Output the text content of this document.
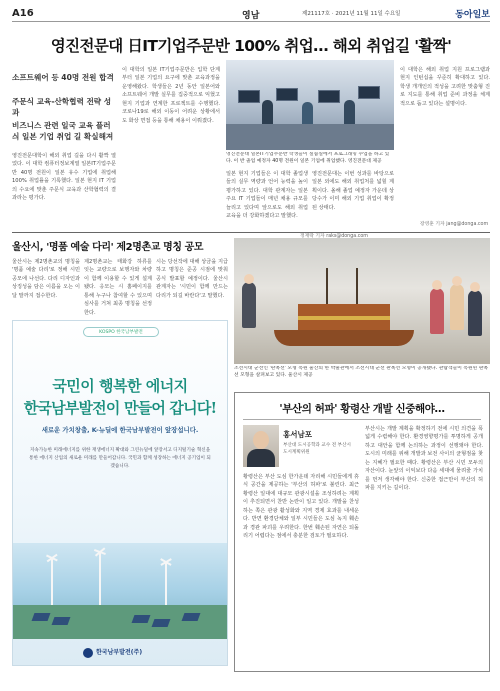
A16	영남	제21117호 · 2021년 11월 11일 수요일	동아일보
영진전문대 日IT기업주문반 100% 취업… 해외 취업길 '활짝'
소프트웨어 등 40명 전원 합격
주문식 교육-산학협력 전략 성과
비즈니스 관련 일국 교육 플러싀 일본 기업 취업 길 확실해져
영진전문대학이 해외 취업 길을 다시 활짝 열었다. 이 대학 컴퓨터정보계열 일본IT기업주문반 40명 전원이 일본 유수 기업에 취업해 100% 취업률을 기록했다. 일본 현지 IT 기업의 수요에 맞춘 주문식 교육과 산학협력의 결과라는 평가다.
이 대학의 일본 IT기업주문반은 입학 단계부터 일본 기업의 요구에 맞춘 교육과정을 운영해왔다. 학생들은 2년 동안 일본어와 소프트웨어 개발 실무를 집중적으로 익혔고 현지 기업과 연계한 프로젝트를 수행했다. 코로나19로 해외 이동이 어려운 상황에서도 화상 면접 등을 통해 채용이 이뤄졌다.
영진전문대 일본IT기업주문반 학생들이 실습실에서 프로그래밍 수업을 하고 있다. 이 반 졸업 예정자 40명 전원이 일본 기업에 취업했다. 영진전문대 제공
일본 현지 기업들은 이 대학 졸업생들의 실무 역량과 언어 능력을 높이 평가하고 있다. 대학 관계자는 일본 주요 IT 기업들이 매년 채용 규모를 늘리고 있다며 앞으로도 해외 취업 교육을 더 강화하겠다고 말했다.
영진전문대는 이번 성과를 바탕으로 일본 외에도 해외 취업처를 넓힐 계획이다. 올해 졸업 예정자 가운데 상당수가 이미 해외 기업 취업이 확정된 상태다.
이 대학은 해외 취업 지원 프로그램과 현지 인턴십을 꾸준히 확대하고 있다. 학생 개개인의 적성을 고려한 맞춤형 진로 지도를 통해 취업 준비 과정을 체계적으로 돕고 있다는 설명이다.
장영훈 기자 jang@donga.com
울산시, '명품 예술 다리' 제2명촌교 명칭 공모
울산시는 제2명촌교의 명칭을 '명품 예술 다리'로 정해 시민 공모에 나선다. 다리 디자인과 상징성을 담은 이름을 오는 이달 말까지 접수한다.
제2명촌교는 태화강 하류를 잇는 교량으로 보행자와 차량이 함께 이용할 수 있게 설계됐다. 응모는 시 홈페이지를 통해 누구나 참여할 수 있으며 심사를 거쳐 최종 명칭을 선정한다.
시는 당선작에 대해 상금을 지급하고 명칭은 준공 시점에 맞춰 공식 발표할 예정이다. 울산시 관계자는 '시민이 함께 만드는 다리가 되길 바란다'고 말했다.
조선시대 군선인 '판옥선' 모형 복원 울산의 한 박물관에서 조선시대 군선 판옥선 모형이 공개됐다. 관람객들이 복원된 판옥선 모형을 살펴보고 있다. 울산시 제공
정재락 기자 raks@donga.com
KOSPO 한국남부발전
국민이 행복한 에너지
한국남부발전이 만들어 갑니다!
새로운 가치창출, K-뉴딜에 한국남부발전이 앞장섭니다.
지속가능한 미래에너지를 위한 재생에너지 확대와 그린뉴딜에 앞장서고 디지털기술 혁신을 통한 에너지 산업의 새로운 미래를 만들어갑니다. 국민과 함께 성장하는 에너지 공기업이 되겠습니다.
한국남부발전(주)
'부산의 허파' 황령산 개발 신중해야…
홍서남포
부산대 도시공학과 교수 전 부산시 도시계획위원
황령산은 부산 도심 한가운데 자리해 시민들에게 휴식 공간을 제공하는 '부산의 허파'로 불린다. 최근 황령산 일대에 대규모 관광시설을 조성하려는 계획이 추진되면서 찬반 논란이 일고 있다. 개발을 찬성하는 쪽은 관광 활성화와 지역 경제 효과를 내세운다. 반면 환경단체와 일부 시민들은 도심 녹지 훼손과 경관 파괴를 우려한다. 한번 훼손된 자연은 되돌리기 어렵다는 점에서 충분한 검토가 필요하다.
부산시는 개발 계획을 확정하기 전에 시민 의견을 폭넓게 수렴해야 한다. 환경영향평가를 투명하게 공개하고 대안을 함께 논의하는 과정이 선행돼야 한다. 도시의 미래를 위해 개발과 보전 사이의 균형점을 찾는 지혜가 필요한 때다. 황령산은 부산 시민 모두의 자산이다. 눈앞의 이익보다 다음 세대에 물려줄 가치를 먼저 생각해야 한다. 신중한 접근만이 부산의 허파를 지키는 길이다.
